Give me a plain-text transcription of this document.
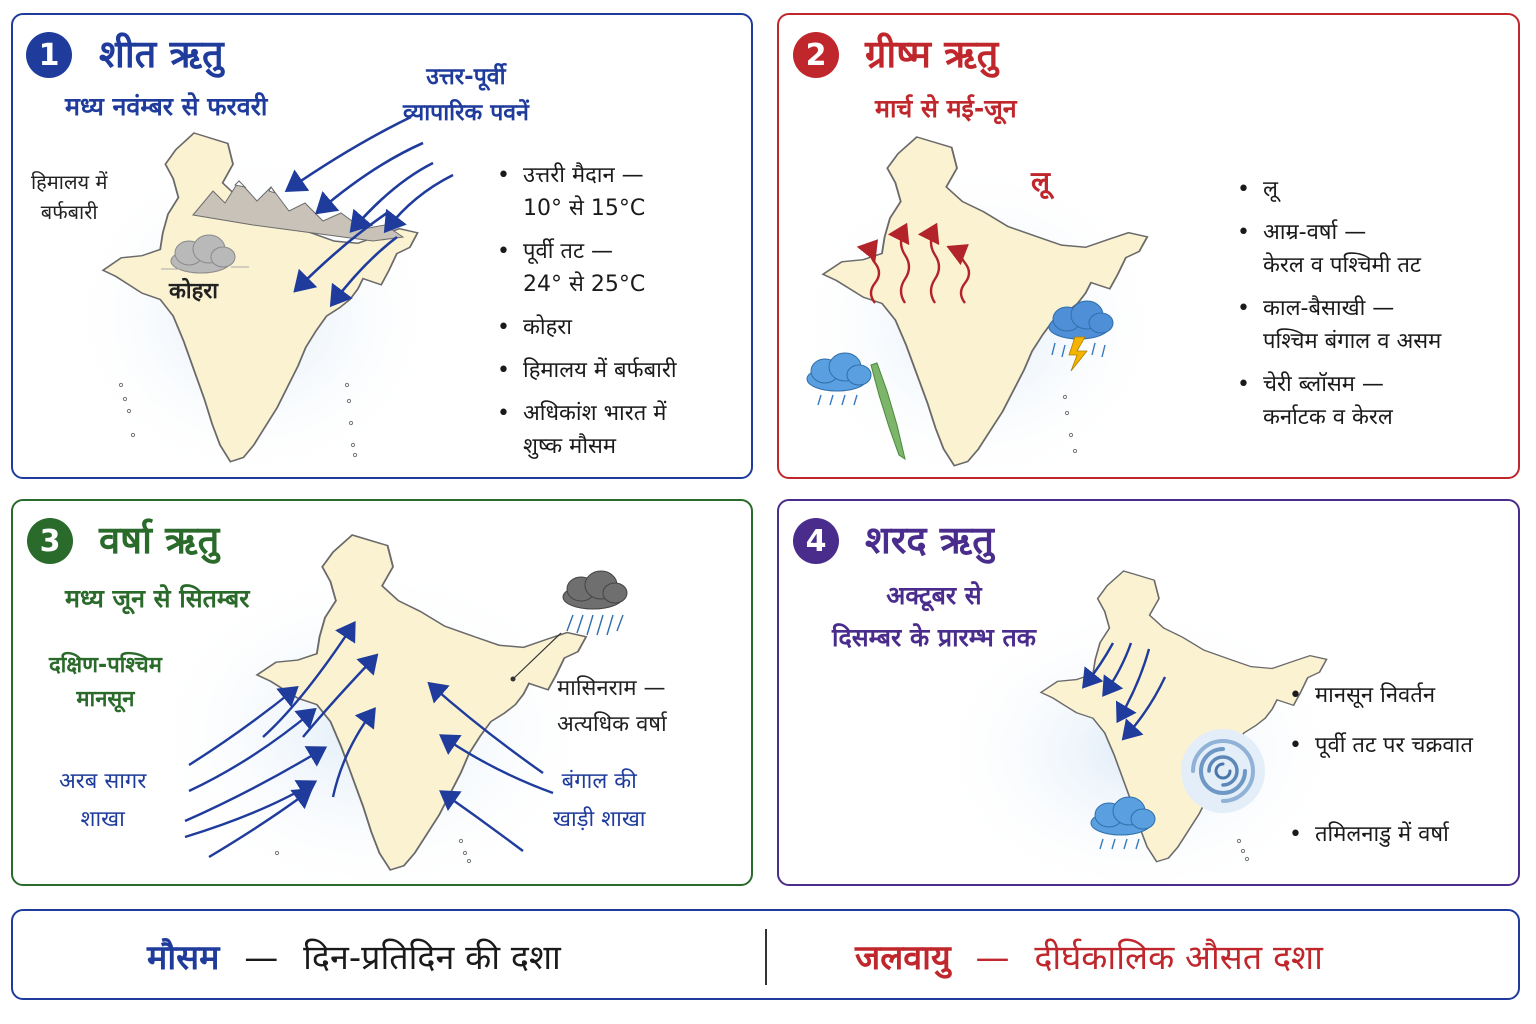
1	शीत ऋतु
मध्य नवंम्बर से फरवरी
उत्तर-पूर्वी
व्यापारिक पवनें
हिमालय में
बर्फबारी
कोहरा
• उत्तरी मैदान —
10° से 15°C
• पूर्वी तट —
24° से 25°C
• कोहरा
• हिमालय में बर्फबारी
• अधिकांश भारत में
शुष्क मौसम
2	ग्रीष्म ऋतु
मार्च से मई-जून
लू
•	लू
• आम्र-वर्षा —
केरल व पश्चिमी तट
• काल-बैसाखी —
पश्चिम बंगाल व असम
• चेरी ब्लॉसम —
कर्नाटक व केरल
3	वर्षा ऋतु
मध्य जून से सितम्बर
दक्षिण-पश्चिम
मानसून
अरब सागर
शाखा
बंगाल की
खाड़ी शाखा
मासिनराम —
अत्यधिक वर्षा
4	शरद ऋतु
अक्टूबर से
दिसम्बर के प्रारम्भ तक
• मानसून निवर्तन
• पूर्वी तट पर चक्रवात
• तमिलनाडु में वर्षा
मौसम — दिन-प्रतिदिन की दशा	जलवायु — दीर्घकालिक औसत दशा
